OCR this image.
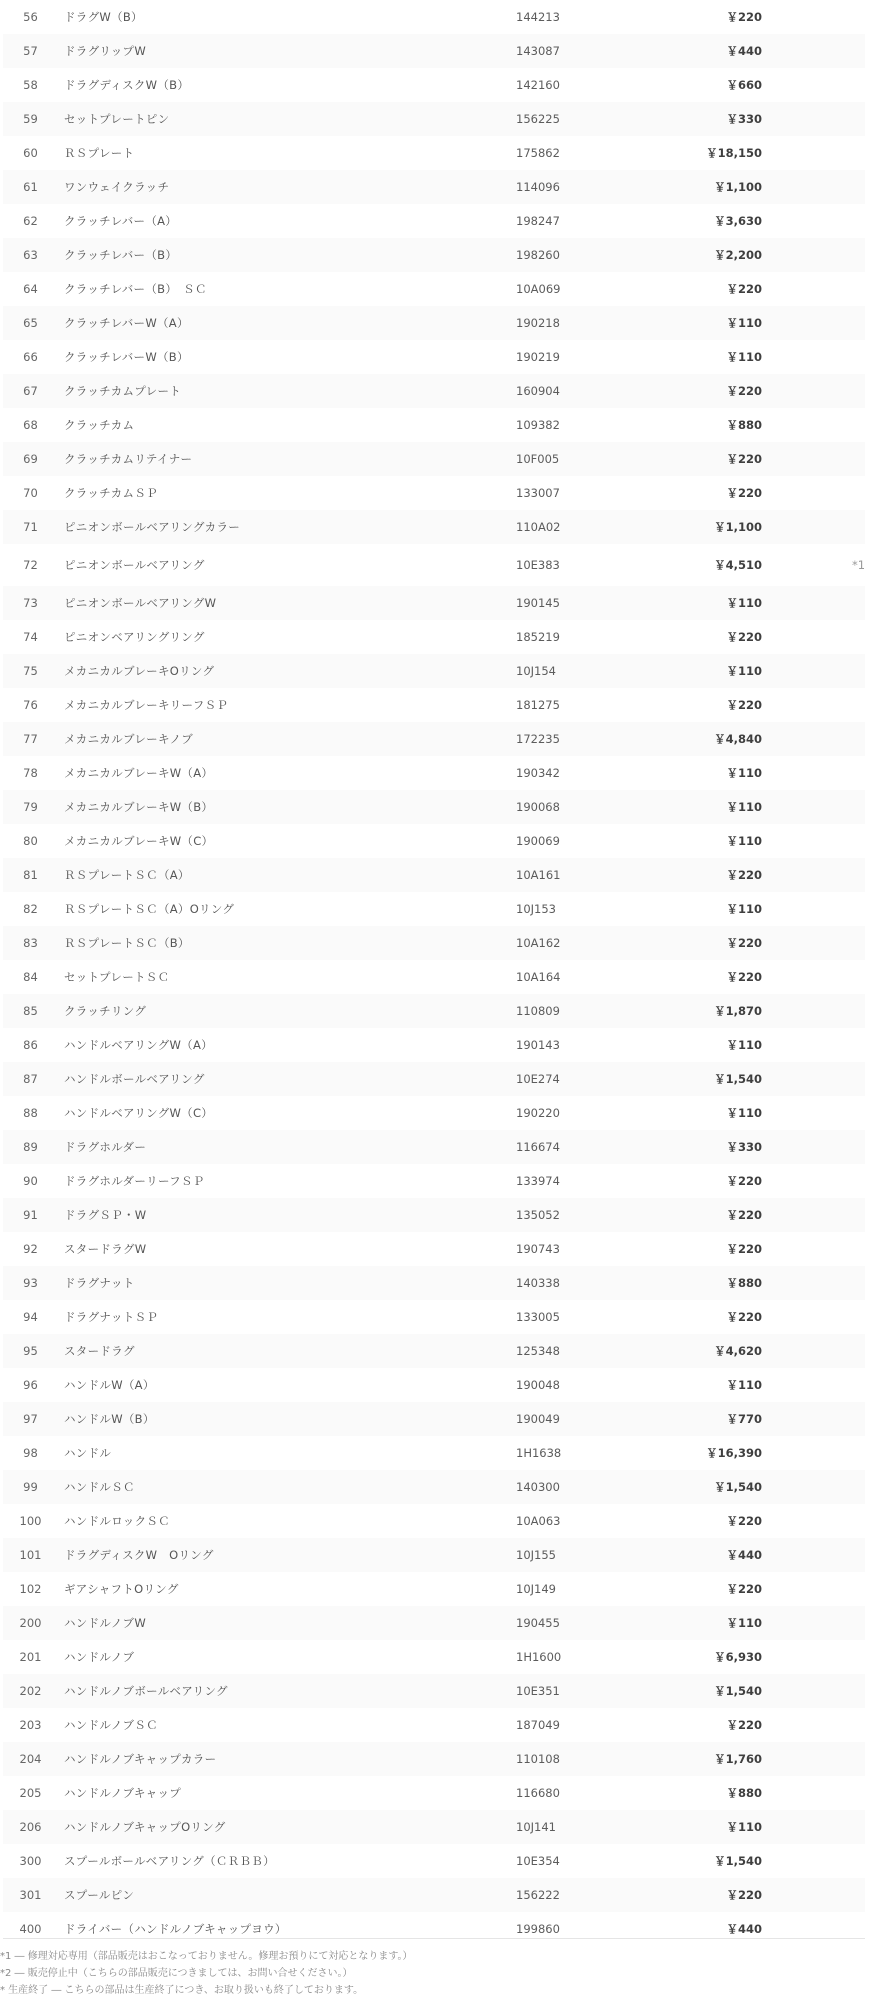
56	ドラグW（B）	144213	￥220	
57	ドラグリップW	143087	￥440	
58	ドラグディスクW（B）	142160	￥660	
59	セットプレートピン	156225	￥330	
60	ＲＳプレート	175862	￥18,150	
61	ワンウェイクラッチ	114096	￥1,100	
62	クラッチレバー（A）	198247	￥3,630	
63	クラッチレバー（B）	198260	￥2,200	
64	クラッチレバー（B）　ＳＣ	10A069	￥220	
65	クラッチレバーW（A）	190218	￥110	
66	クラッチレバーW（B）	190219	￥110	
67	クラッチカムプレート	160904	￥220	
68	クラッチカム	109382	￥880	
69	クラッチカムリテイナー	10F005	￥220	
70	クラッチカムＳＰ	133007	￥220	
71	ピニオンボールベアリングカラー	110A02	￥1,100	
72	ピニオンボールベアリング	10E383	￥4,510	*1
73	ピニオンボールベアリングW	190145	￥110	
74	ピニオンベアリングリング	185219	￥220	
75	メカニカルブレーキOリング	10J154	￥110	
76	メカニカルブレーキリーフＳＰ	181275	￥220	
77	メカニカルブレーキノブ	172235	￥4,840	
78	メカニカルブレーキW（A）	190342	￥110	
79	メカニカルブレーキW（B）	190068	￥110	
80	メカニカルブレーキW（C）	190069	￥110	
81	ＲＳプレートＳＣ（A）	10A161	￥220	
82	ＲＳプレートＳＣ（A）Oリング	10J153	￥110	
83	ＲＳプレートＳＣ（B）	10A162	￥220	
84	セットプレートＳＣ	10A164	￥220	
85	クラッチリング	110809	￥1,870	
86	ハンドルベアリングW（A）	190143	￥110	
87	ハンドルボールベアリング	10E274	￥1,540	
88	ハンドルベアリングW（C）	190220	￥110	
89	ドラグホルダー	116674	￥330	
90	ドラグホルダーリーフＳＰ	133974	￥220	
91	ドラグＳＰ・W	135052	￥220	
92	スタードラグW	190743	￥220	
93	ドラグナット	140338	￥880	
94	ドラグナットＳＰ	133005	￥220	
95	スタードラグ	125348	￥4,620	
96	ハンドルW（A）	190048	￥110	
97	ハンドルW（B）	190049	￥770	
98	ハンドル	1H1638	￥16,390	
99	ハンドルＳＣ	140300	￥1,540	
100	ハンドルロックＳＣ	10A063	￥220	
101	ドラグディスクW　Oリング	10J155	￥440	
102	ギアシャフトOリング	10J149	￥220	
200	ハンドルノブW	190455	￥110	
201	ハンドルノブ	1H1600	￥6,930	
202	ハンドルノブボールベアリング	10E351	￥1,540	
203	ハンドルノブＳＣ	187049	￥220	
204	ハンドルノブキャップカラー	110108	￥1,760	
205	ハンドルノブキャップ	116680	￥880	
206	ハンドルノブキャップOリング	10J141	￥110	
300	スプールボールベアリング（ＣＲＢＢ）	10E354	￥1,540	
301	スプールピン	156222	￥220	
400	ドライバー（ハンドルノブキャップヨウ）	199860	￥440	
*1 ― 修理対応専用（部品販売はおこなっておりません。修理お預りにて対応となります。）
*2 ― 販売停止中（こちらの部品販売につきましては、お問い合せください。）
* 生産終了 ― こちらの部品は生産終了につき、お取り扱いも終了しております。
